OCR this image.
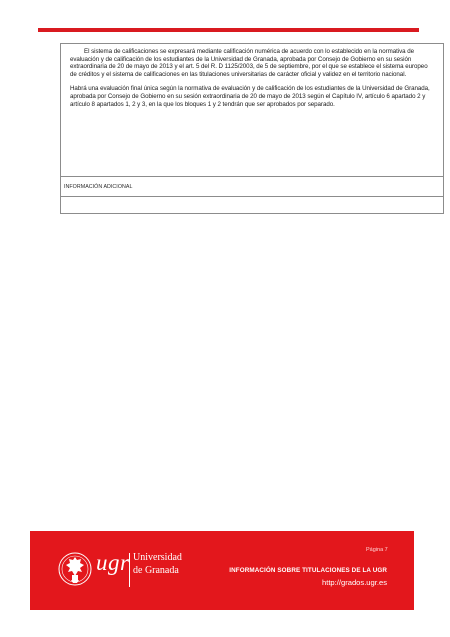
El sistema de calificaciones se expresará mediante calificación numérica de acuerdo con lo establecido en la normativa de evaluación y de calificación de los estudiantes de la Universidad de Granada, aprobada por Consejo de Gobierno en su sesión extraordinaria de 20 de mayo de 2013 y el art. 5 del R. D 1125/2003, de 5 de septiembre, por el que se establece el sistema europeo de créditos y el sistema de calificaciones en las titulaciones universitarias de carácter oficial y validez en el territorio nacional.

Habrá una evaluación final única según la normativa de evaluación y de calificación de los estudiantes de la Universidad de Granada, aprobada por Consejo de Gobierno en su sesión extraordinaria de 20 de mayo de 2013 según el Capítulo IV, artículo 6 apartado 2 y artículo 8 apartados 1, 2 y 3, en la que los bloques 1 y 2 tendrán que ser aprobados por separado.

INFORMACIÓN ADICIONAL
ugr Universidad
de Granada
Página 7
INFORMACIÓN SOBRE TITULACIONES DE LA UGR
http://grados.ugr.es
